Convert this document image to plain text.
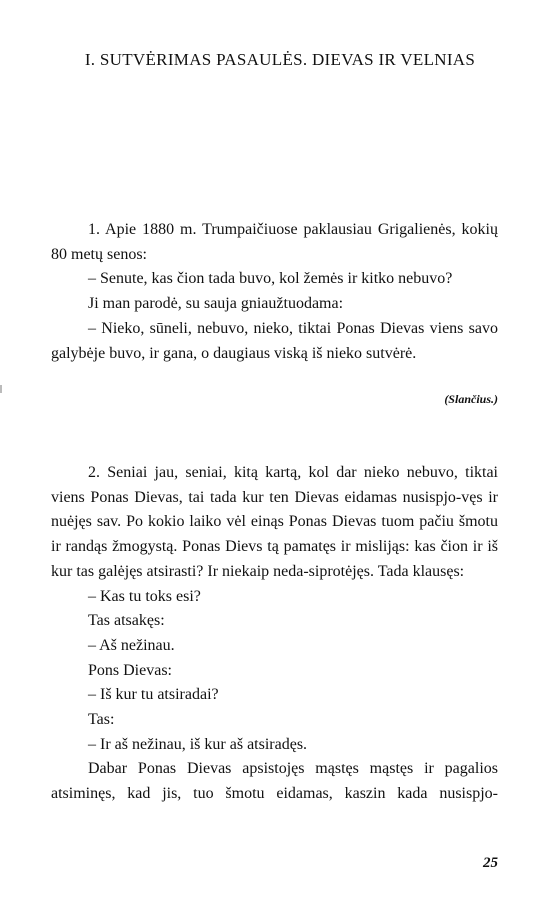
I. SUTVĖRIMAS PASAULĖS. DIEVAS IR VELNIAS

1. Apie 1880 m. Trumpaičiuose paklausiau Grigalienės, kokių 80 metų senos:

– Senute, kas čion tada buvo, kol žemės ir kitko nebuvo?

Ji man parodė, su sauja gniaužtuodama:

– Nieko, sūneli, nebuvo, nieko, tiktai Ponas Dievas viens savo galybėje buvo, ir gana, o daugiaus viską iš nieko sutvėrė.

(Slančius.)

2. Seniai jau, seniai, kitą kartą, kol dar nieko nebuvo, tiktai viens Ponas Dievas, tai tada kur ten Dievas eidamas nusispjo-vęs ir nuėjęs sav. Po kokio laiko vėl einąs Ponas Dievas tuom pačiu šmotu ir randąs žmogystą. Ponas Dievs tą pamatęs ir mislijąs: kas čion ir iš kur tas galėjęs atsirasti? Ir niekaip neda-siprotėjęs. Tada klausęs:

– Kas tu toks esi?

Tas atsakęs:

– Aš nežinau.

Pons Dievas:

– Iš kur tu atsiradai?

Tas:

– Ir aš nežinau, iš kur aš atsiradęs.

Dabar Ponas Dievas apsistojęs mąstęs mąstęs ir pagalios atsiminęs, kad jis, tuo šmotu eidamas, kaszin kada nusispjo-

25
